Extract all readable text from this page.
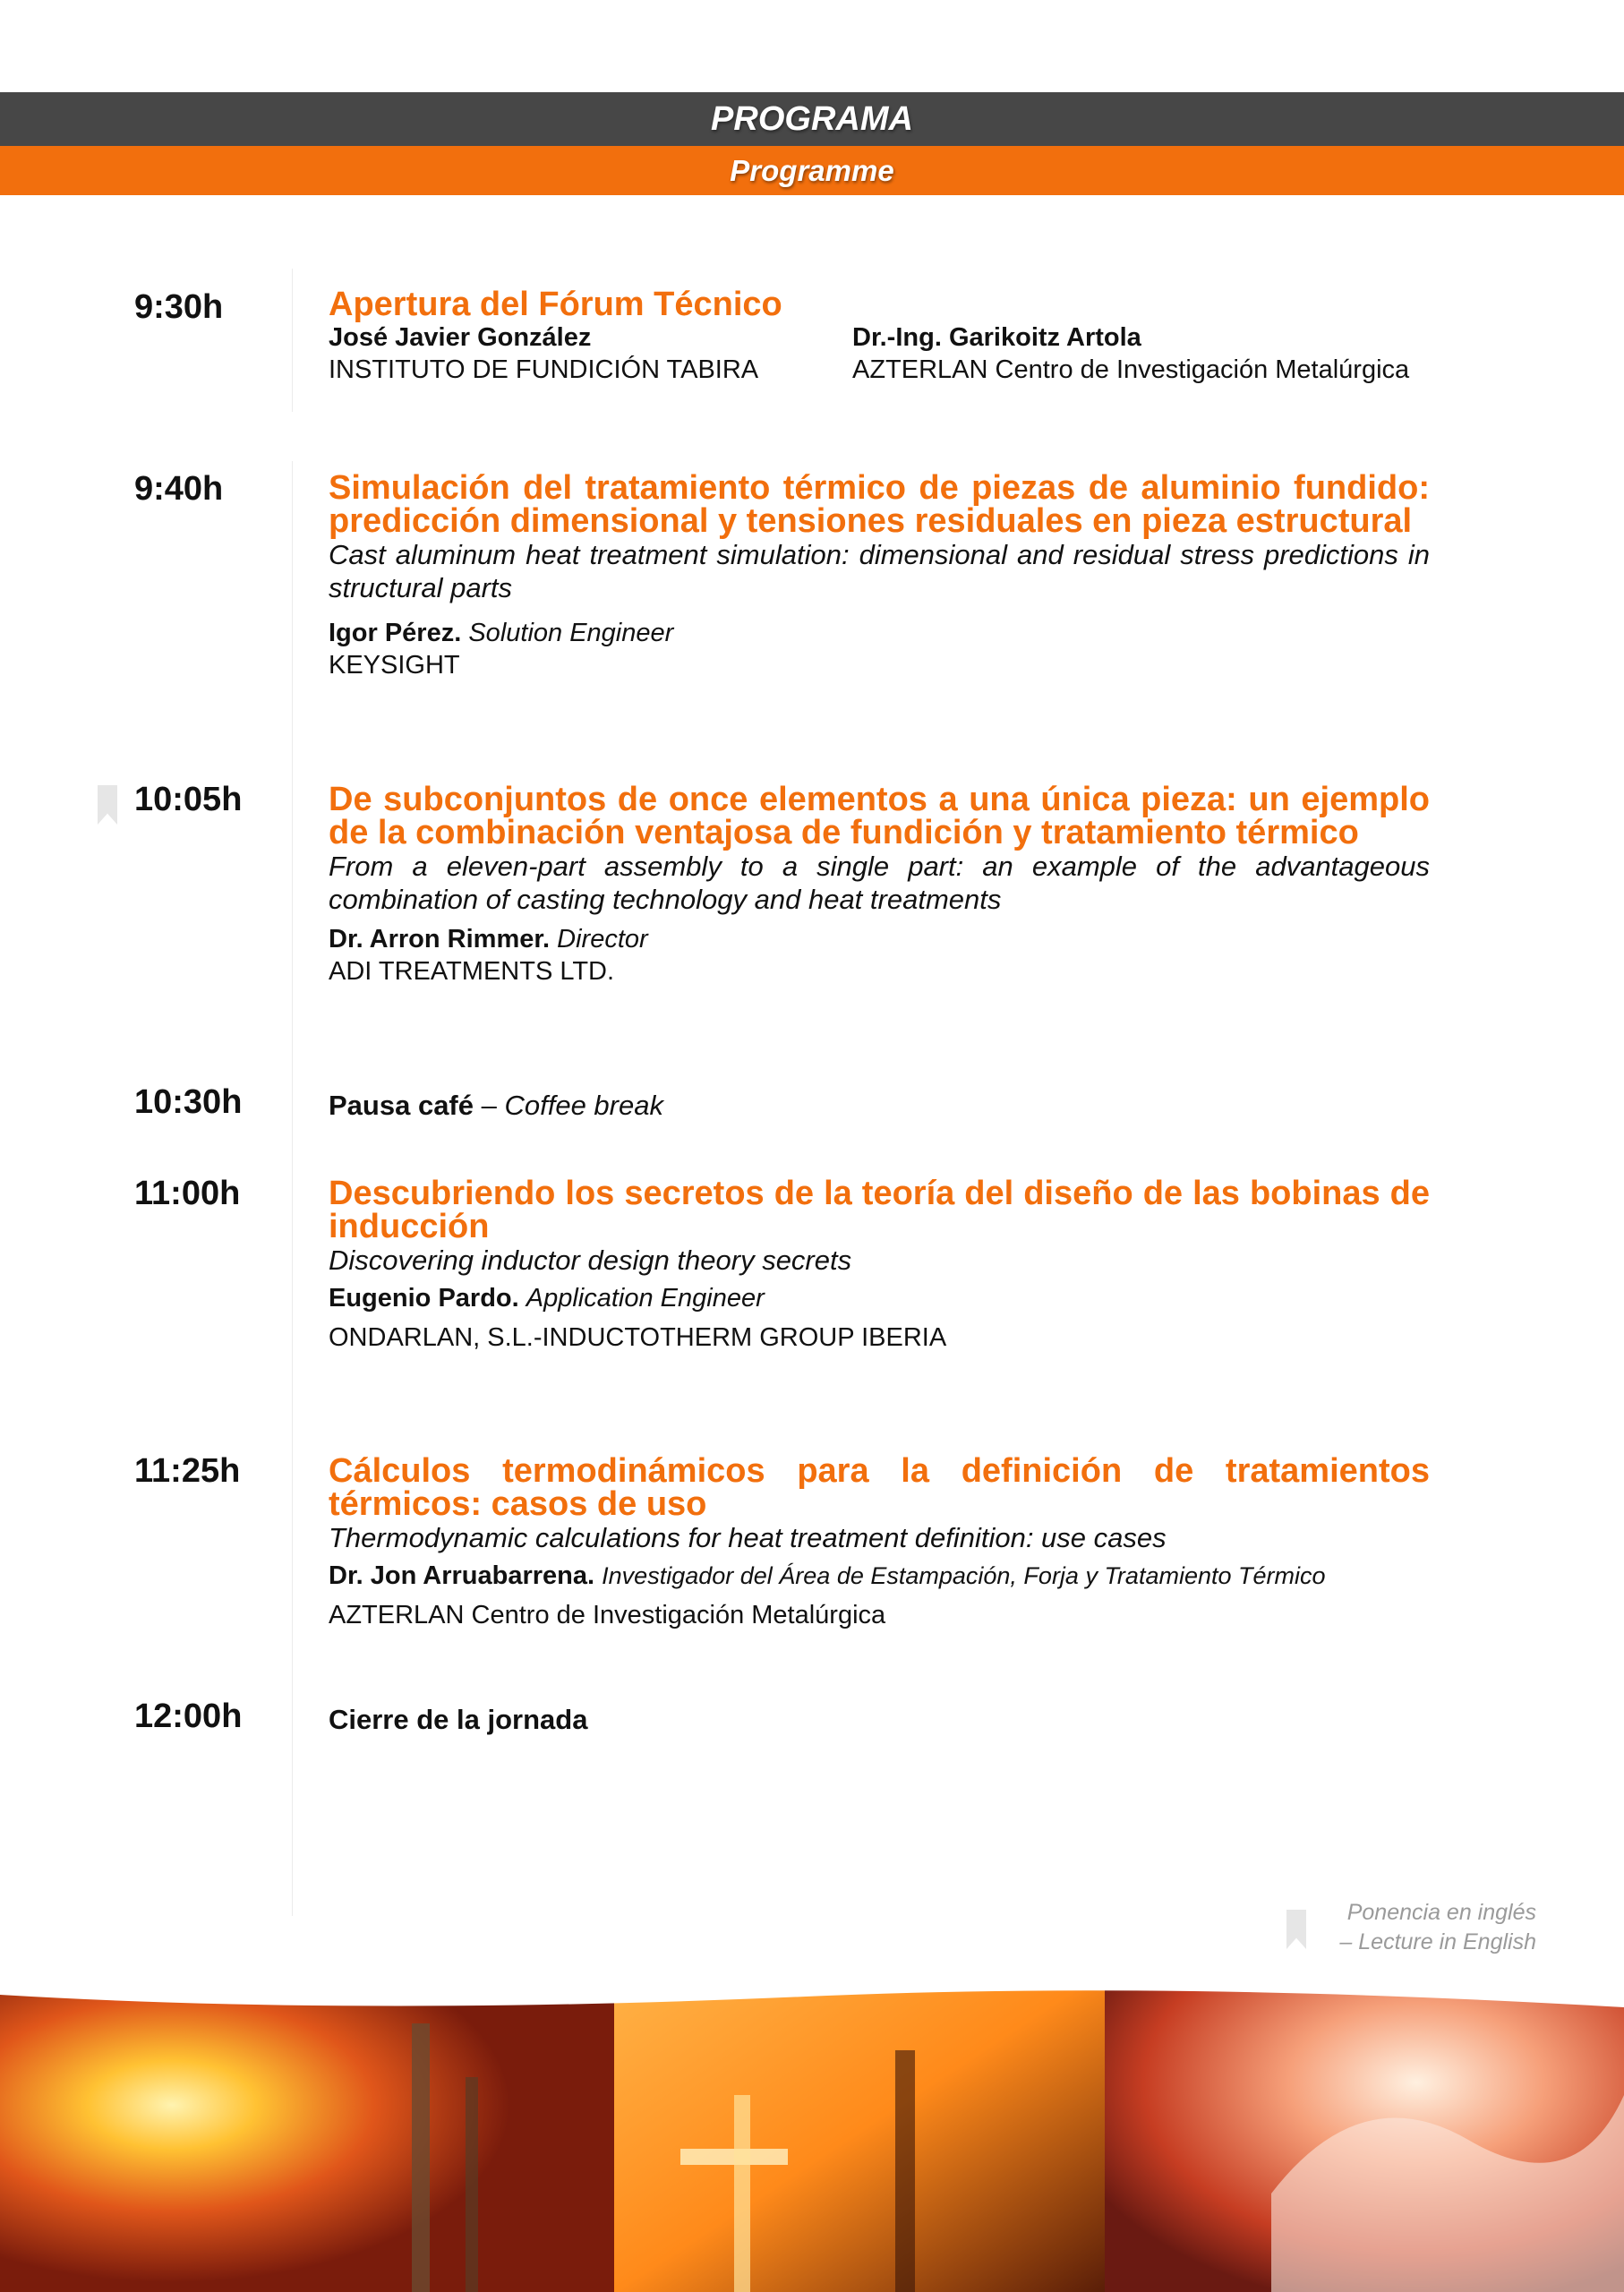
PROGRAMA
Programme
9:30h	Apertura del Fórum Técnico

José Javier González

INSTITUTO DE FUNDICIÓN TABIRA

Dr.-Ing. Garikoitz Artola

AZTERLAN Centro de Investigación Metalúrgica

9:40h	Simulación del tratamiento térmico de piezas de aluminio fundido: predicción dimensional y tensiones residuales en pieza estructural

Cast aluminum heat treatment simulation: dimensional and residual stress predictions in structural parts

Igor Pérez. Solution Engineer

KEYSIGHT

10:05h	De subconjuntos de once elementos a una única pieza: un ejemplo de la combinación ventajosa de fundición y tratamiento térmico

From a eleven-part assembly to a single part: an example of the advantageous combination of casting technology and heat treatments

Dr. Arron Rimmer. Director

ADI TREATMENTS LTD.

10:30h	Pausa café – Coffee break

11:00h	Descubriendo los secretos de la teoría del diseño de las bobinas de inducción

Discovering inductor design theory secrets

Eugenio Pardo. Application Engineer

ONDARLAN, S.L.-INDUCTOTHERM GROUP IBERIA

11:25h	Cálculos termodinámicos para la definición de tratamientos térmicos: casos de uso

Thermodynamic calculations for heat treatment definition: use cases

Dr. Jon Arruabarrena. Investigador del Área de Estampación, Forja y Tratamiento Térmico

AZTERLAN Centro de Investigación Metalúrgica

12:00h	Cierre de la jornada

Ponencia en inglés
– Lecture in English
